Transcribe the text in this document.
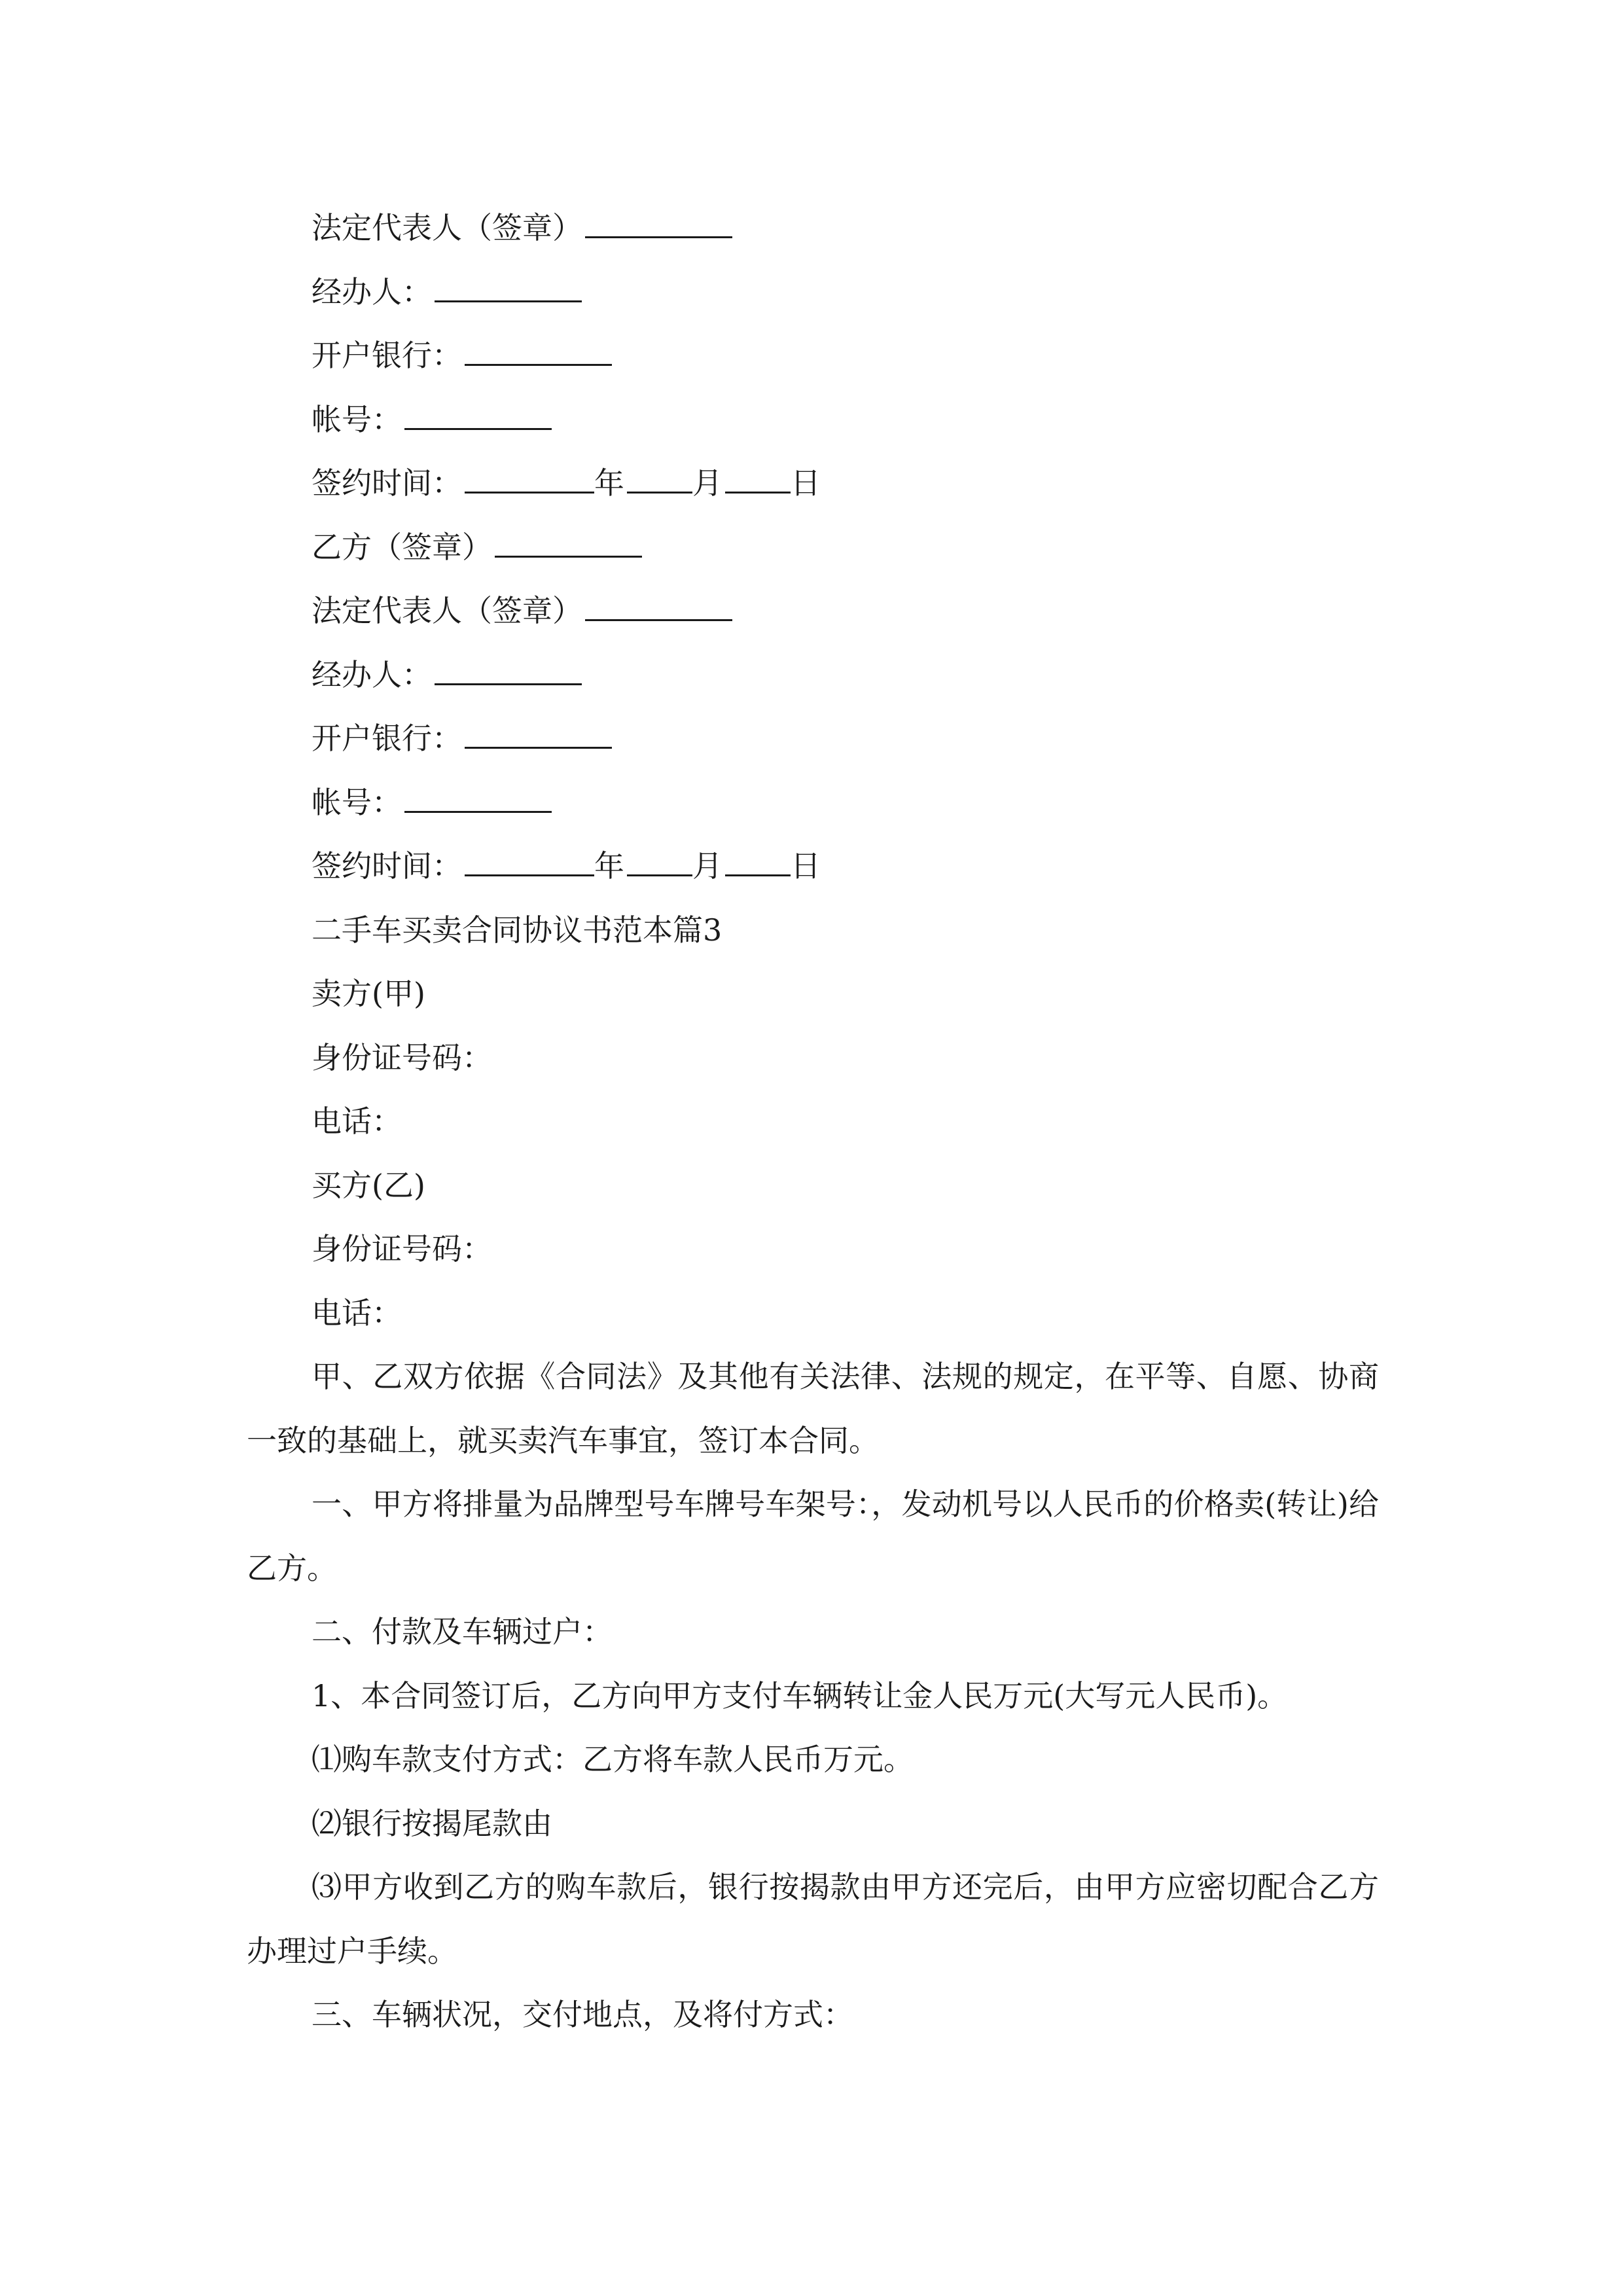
法定代表人（签章）
经办人：
开户银行：
帐号：
签约时间：	年 月 日
乙方（签章）
法定代表人（签章）
经办人：
开户银行：
帐号：
签约时间：	年 月 日
二手车买卖合同协议书范本篇3
卖方(甲)
身份证号码：
电话：
买方(乙)
身份证号码：
电话：
甲、乙双方依据《合同法》及其他有关法律、法规的规定，在平等、自愿、协商一致的基础上，就买卖汽车事宜，签订本合同。
一、甲方将排量为品牌型号车牌号车架号：，发动机号以人民币的价格卖(转让)给乙方。
二、付款及车辆过户：
1、本合同签订后，乙方向甲方支付车辆转让金人民万元(大写元人民币)。
⑴购车款支付方式：乙方将车款人民币万元。
⑵银行按揭尾款由
⑶甲方收到乙方的购车款后，银行按揭款由甲方还完后，由甲方应密切配合乙方办理过户手续。
三、车辆状况，交付地点，及将付方式：
